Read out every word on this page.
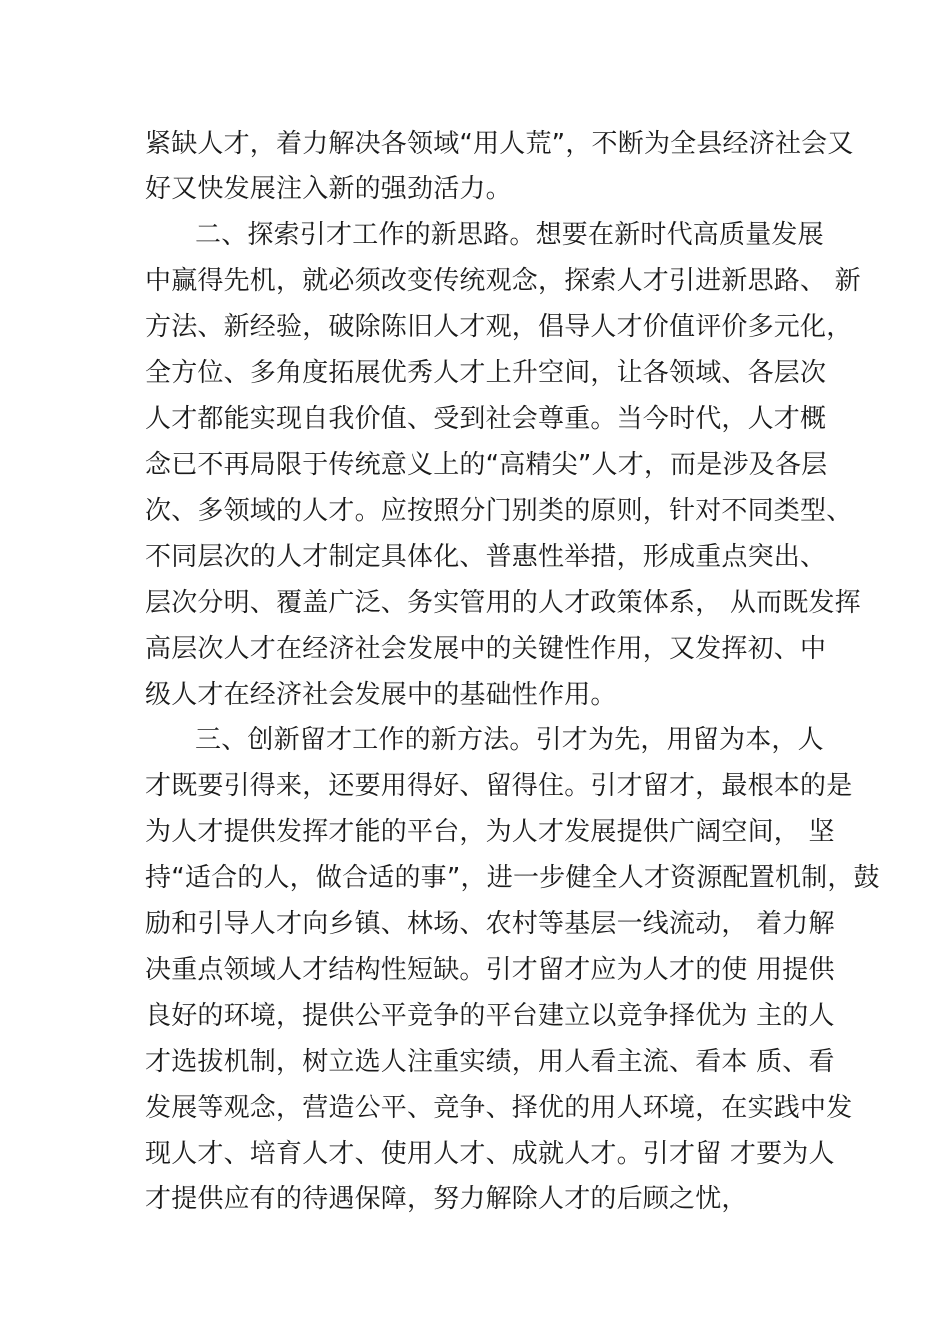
紧缺人才，着力解决各领域“用人荒”，不断为全县经济社会又
好又快发展注入新的强劲活力。
二、探索引才工作的新思路。想要在新时代高质量发展
中赢得先机，就必须改变传统观念，探索人才引进新思路、 新
方法、新经验，破除陈旧人才观，倡导人才价值评价多元化，
全方位、多角度拓展优秀人才上升空间，让各领域、各层次
人才都能实现自我价值、受到社会尊重。当今时代，人才概
念已不再局限于传统意义上的“高精尖”人才，而是涉及各层
次、多领域的人才。应按照分门别类的原则，针对不同类型、
不同层次的人才制定具体化、普惠性举措，形成重点突出、
层次分明、覆盖广泛、务实管用的人才政策体系， 从而既发挥
高层次人才在经济社会发展中的关键性作用，又发挥初、中
级人才在经济社会发展中的基础性作用。
三、创新留才工作的新方法。引才为先，用留为本，人
才既要引得来，还要用得好、留得住。引才留才，最根本的是
为人才提供发挥才能的平台，为人才发展提供广阔空间， 坚
持“适合的人，做合适的事”，进一步健全人才资源配置机制，鼓
励和引导人才向乡镇、林场、农村等基层一线流动， 着力解
决重点领域人才结构性短缺。引才留才应为人才的使 用提供
良好的环境，提供公平竞争的平台建立以竞争择优为 主的人
才选拔机制，树立选人注重实绩，用人看主流、看本 质、看
发展等观念，营造公平、竞争、择优的用人环境，在实践中发
现人才、培育人才、使用人才、成就人才。引才留 才要为人
才提供应有的待遇保障，努力解除人才的后顾之忧，
